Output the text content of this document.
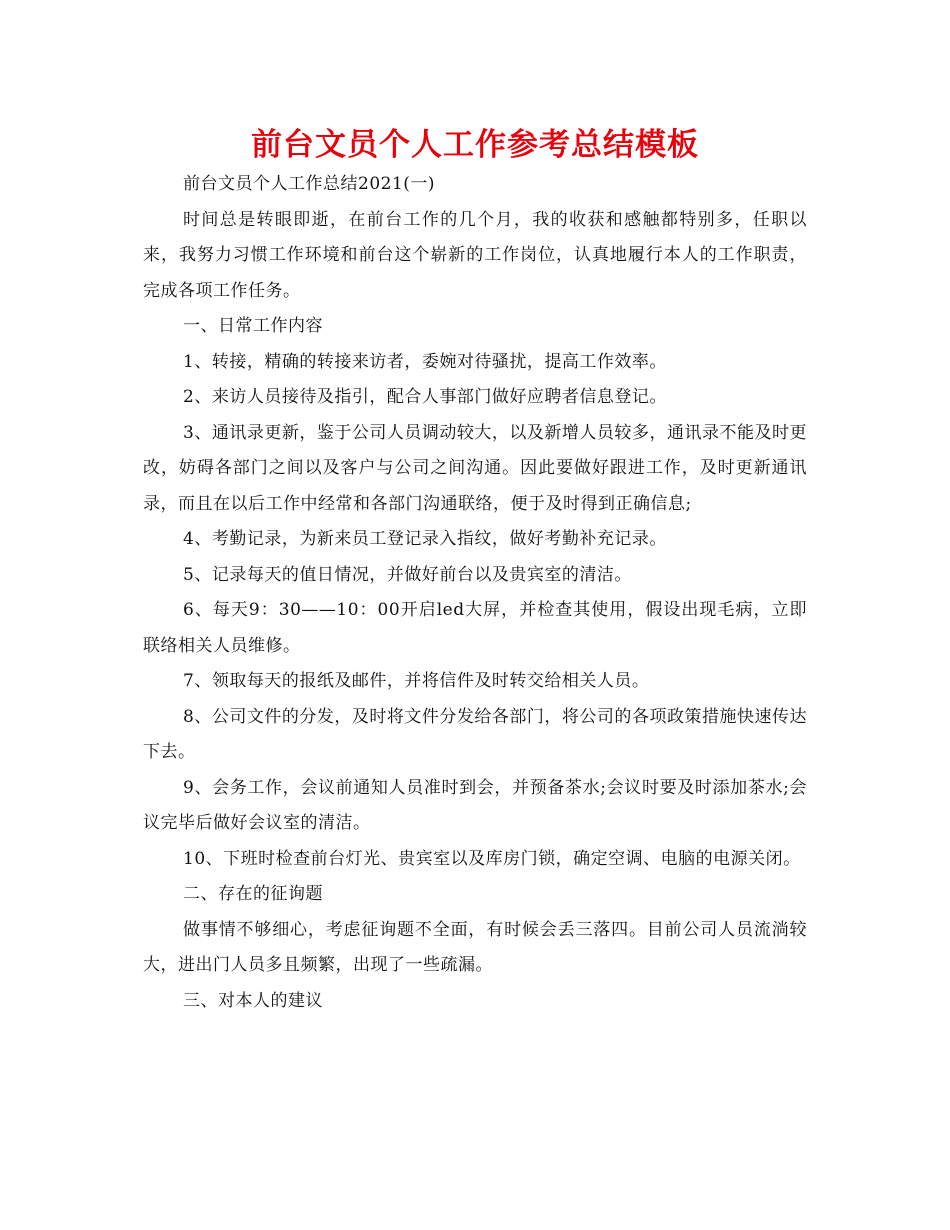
前台文员个人工作参考总结模板

前台文员个人工作总结2021(一)

时间总是转眼即逝，在前台工作的几个月，我的收获和感触都特别多，任职以来，我努力习惯工作环境和前台这个崭新的工作岗位，认真地履行本人的工作职责，完成各项工作任务。

一、日常工作内容

1、转接，精确的转接来访者，委婉对待骚扰，提高工作效率。

2、来访人员接待及指引，配合人事部门做好应聘者信息登记。

3、通讯录更新，鉴于公司人员调动较大，以及新增人员较多，通讯录不能及时更改，妨碍各部门之间以及客户与公司之间沟通。因此要做好跟进工作，及时更新通讯录，而且在以后工作中经常和各部门沟通联络，便于及时得到正确信息;

4、考勤记录，为新来员工登记录入指纹，做好考勤补充记录。

5、记录每天的值日情况，并做好前台以及贵宾室的清洁。

6、每天9：30——10：00开启led大屏，并检查其使用，假设出现毛病，立即联络相关人员维修。

7、领取每天的报纸及邮件，并将信件及时转交给相关人员。

8、公司文件的分发，及时将文件分发给各部门，将公司的各项政策措施快速传达下去。

9、会务工作，会议前通知人员准时到会，并预备茶水;会议时要及时添加茶水;会议完毕后做好会议室的清洁。

10、下班时检查前台灯光、贵宾室以及库房门锁，确定空调、电脑的电源关闭。

二、存在的征询题

做事情不够细心，考虑征询题不全面，有时候会丢三落四。目前公司人员流淌较大，进出门人员多且频繁，出现了一些疏漏。

三、对本人的建议
